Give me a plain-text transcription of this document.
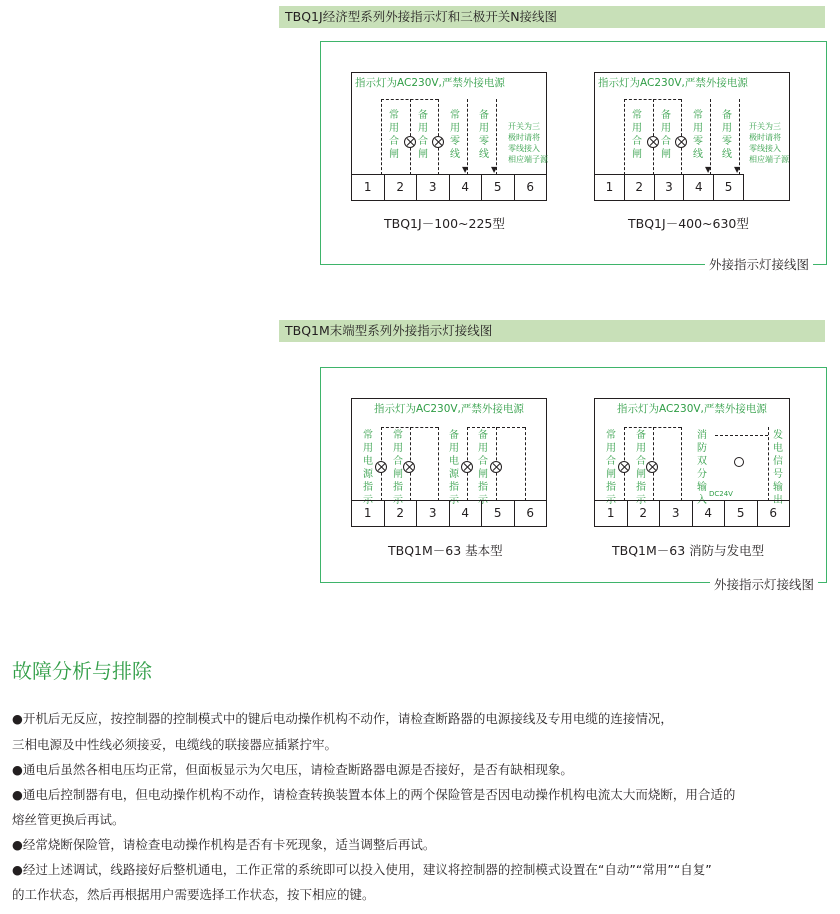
TBQ1J经济型系列外接指示灯和三极开关N接线图
外接指示灯接线图
指示灯为AC230V,严禁外接电源
常用合闸
备用合闸
常用零线
备用零线
▼	▼
开关为三
极时请将
零线接入
相应端子源
1	2	3	4	5	6
TBQ1J－100~225型
指示灯为AC230V,严禁外接电源
常用合闸
备用合闸
常用零线
备用零线
▼	▼
开关为三
极时请将
零线接入
相应端子源
1	2	3	4	5
TBQ1J－400~630型
TBQ1M末端型系列外接指示灯接线图
外接指示灯接线图
指示灯为AC230V,严禁外接电源
常用电源指示
常用合闸指示
备用电源指示
备用合闸指示
1	2	3	4	5	6
TBQ1M－63 基本型
指示灯为AC230V,严禁外接电源
常用合闸指示
备用合闸指示
消防双分输入
发电信号输出
DC24V
1	2	3	4	5	6
TBQ1M－63 消防与发电型
故障分析与排除
●开机后无反应，按控制器的控制模式中的键后电动操作机构不动作，请检查断路器的电源接线及专用电缆的连接情况，
三相电源及中性线必须接妥，电缆线的联接器应插紧拧牢。
●通电后虽然各相电压均正常，但面板显示为欠电压，请检查断路器电源是否接好，是否有缺相现象。
●通电后控制器有电，但电动操作机构不动作，请检查转换装置本体上的两个保险管是否因电动操作机构电流太大而烧断，用合适的
熔丝管更换后再试。
●经常烧断保险管，请检查电动操作机构是否有卡死现象，适当调整后再试。
●经过上述调试，线路接好后整机通电，工作正常的系统即可以投入使用，建议将控制器的控制模式设置在“自动”“常用”“自复”
的工作状态，然后再根据用户需要选择工作状态，按下相应的键。
